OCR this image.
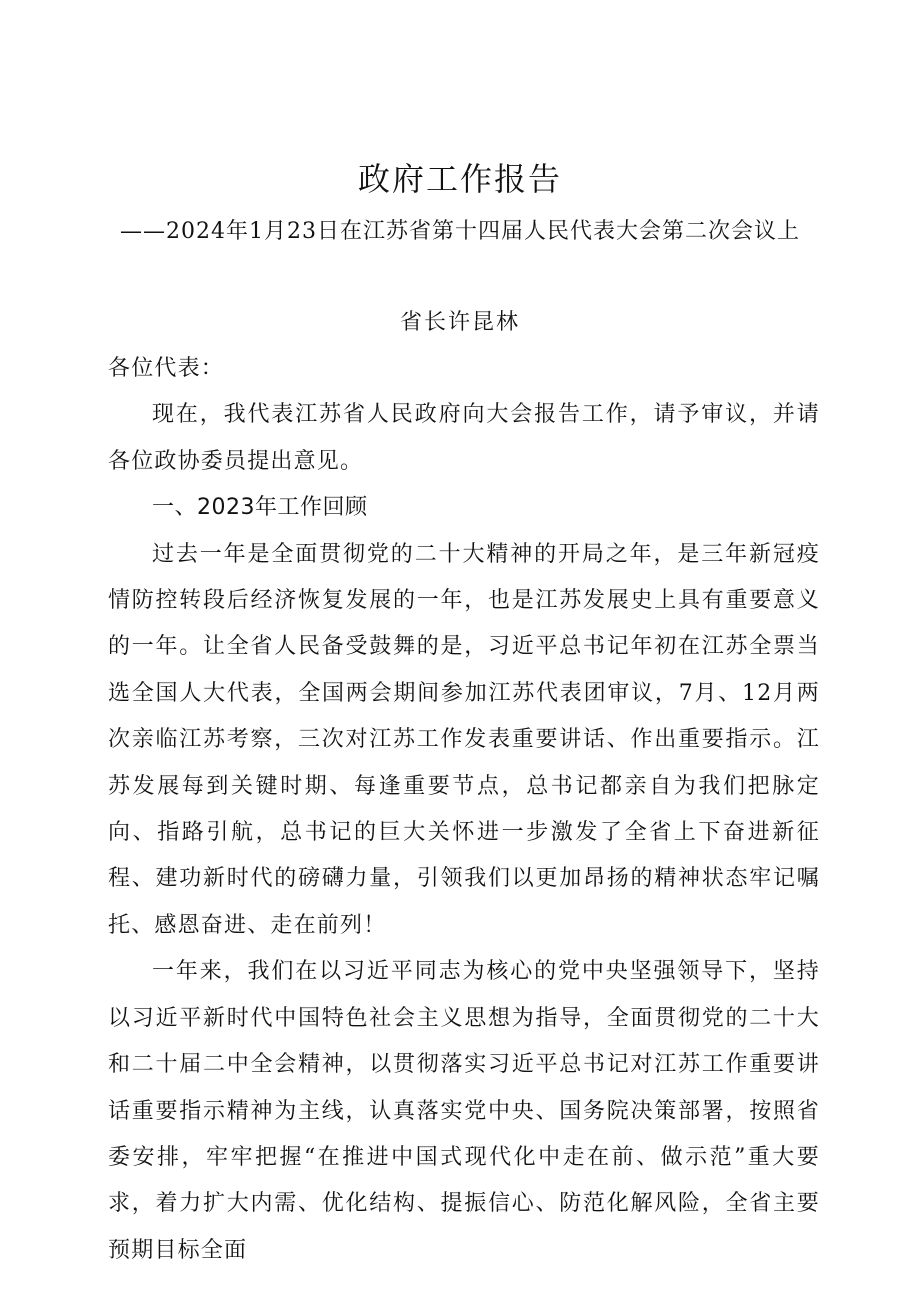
政府工作报告

——2024年1月23日在江苏省第十四届人民代表大会第二次会议上

省长许昆林

各位代表：

现在，我代表江苏省人民政府向大会报告工作，请予审议，并请各位政协委员提出意见。

一、2023年工作回顾

过去一年是全面贯彻党的二十大精神的开局之年，是三年新冠疫情防控转段后经济恢复发展的一年，也是江苏发展史上具有重要意义的一年。让全省人民备受鼓舞的是，习近平总书记年初在江苏全票当选全国人大代表，全国两会期间参加江苏代表团审议，7月、12月两次亲临江苏考察，三次对江苏工作发表重要讲话、作出重要指示。江苏发展每到关键时期、每逢重要节点，总书记都亲自为我们把脉定向、指路引航，总书记的巨大关怀进一步激发了全省上下奋进新征程、建功新时代的磅礴力量，引领我们以更加昂扬的精神状态牢记嘱托、感恩奋进、走在前列！

一年来，我们在以习近平同志为核心的党中央坚强领导下，坚持以习近平新时代中国特色社会主义思想为指导，全面贯彻党的二十大和二十届二中全会精神，以贯彻落实习近平总书记对江苏工作重要讲话重要指示精神为主线，认真落实党中央、国务院决策部署，按照省委安排，牢牢把握“在推进中国式现代化中走在前、做示范”重大要求，着力扩大内需、优化结构、提振信心、防范化解风险，全省主要预期目标全面
